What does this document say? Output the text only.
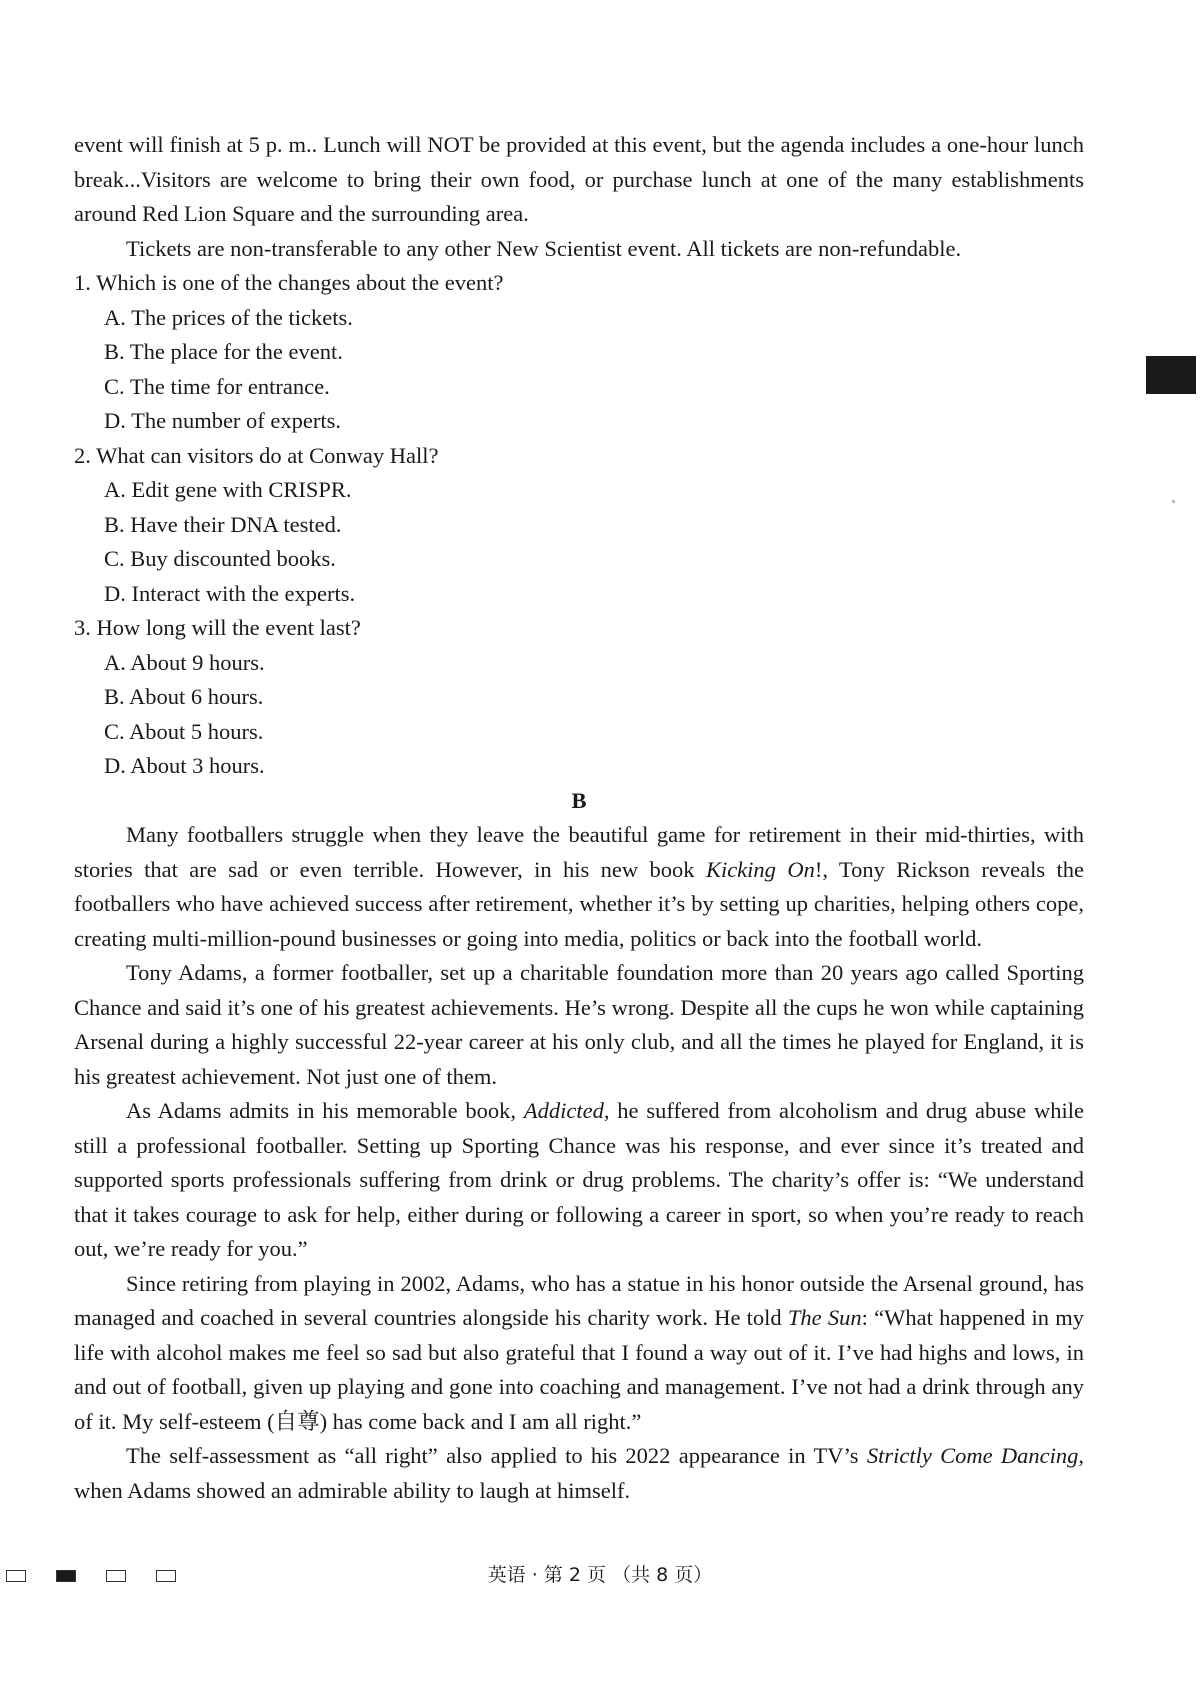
event will finish at 5 p. m.. Lunch will NOT be provided at this event, but the agenda includes a one-hour lunch break...Visitors are welcome to bring their own food, or purchase lunch at one of the many establishments around Red Lion Square and the surrounding area.

Tickets are non-transferable to any other New Scientist event. All tickets are non-refundable.

1. Which is one of the changes about the event?

A. The prices of the tickets.

B. The place for the event.

C. The time for entrance.

D. The number of experts.

2. What can visitors do at Conway Hall?

A. Edit gene with CRISPR.

B. Have their DNA tested.

C. Buy discounted books.

D. Interact with the experts.

3. How long will the event last?

A. About 9 hours.

B. About 6 hours.

C. About 5 hours.

D. About 3 hours.

B

Many footballers struggle when they leave the beautiful game for retirement in their mid-thirties, with stories that are sad or even terrible. However, in his new book Kicking On!, Tony Rickson reveals the footballers who have achieved success after retirement, whether it’s by setting up charities, helping others cope, creating multi-million-pound businesses or going into media, politics or back into the football world.

Tony Adams, a former footballer, set up a charitable foundation more than 20 years ago called Sporting Chance and said it’s one of his greatest achievements. He’s wrong. Despite all the cups he won while captaining Arsenal during a highly successful 22-year career at his only club, and all the times he played for England, it is his greatest achievement. Not just one of them.

As Adams admits in his memorable book, Addicted, he suffered from alcoholism and drug abuse while still a professional footballer. Setting up Sporting Chance was his response, and ever since it’s treated and supported sports professionals suffering from drink or drug problems. The charity’s offer is: “We understand that it takes courage to ask for help, either during or following a career in sport, so when you’re ready to reach out, we’re ready for you.”

Since retiring from playing in 2002, Adams, who has a statue in his honor outside the Arsenal ground, has managed and coached in several countries alongside his charity work. He told The Sun: “What happened in my life with alcohol makes me feel so sad but also grateful that I found a way out of it. I’ve had highs and lows, in and out of football, given up playing and gone into coaching and management. I’ve not had a drink through any of it. My self-esteem (自尊) has come back and I am all right.”

The self-assessment as “all right” also applied to his 2022 appearance in TV’s Strictly Come Dancing, when Adams showed an admirable ability to laugh at himself.

英语 · 第 2 页 （共 8 页）
